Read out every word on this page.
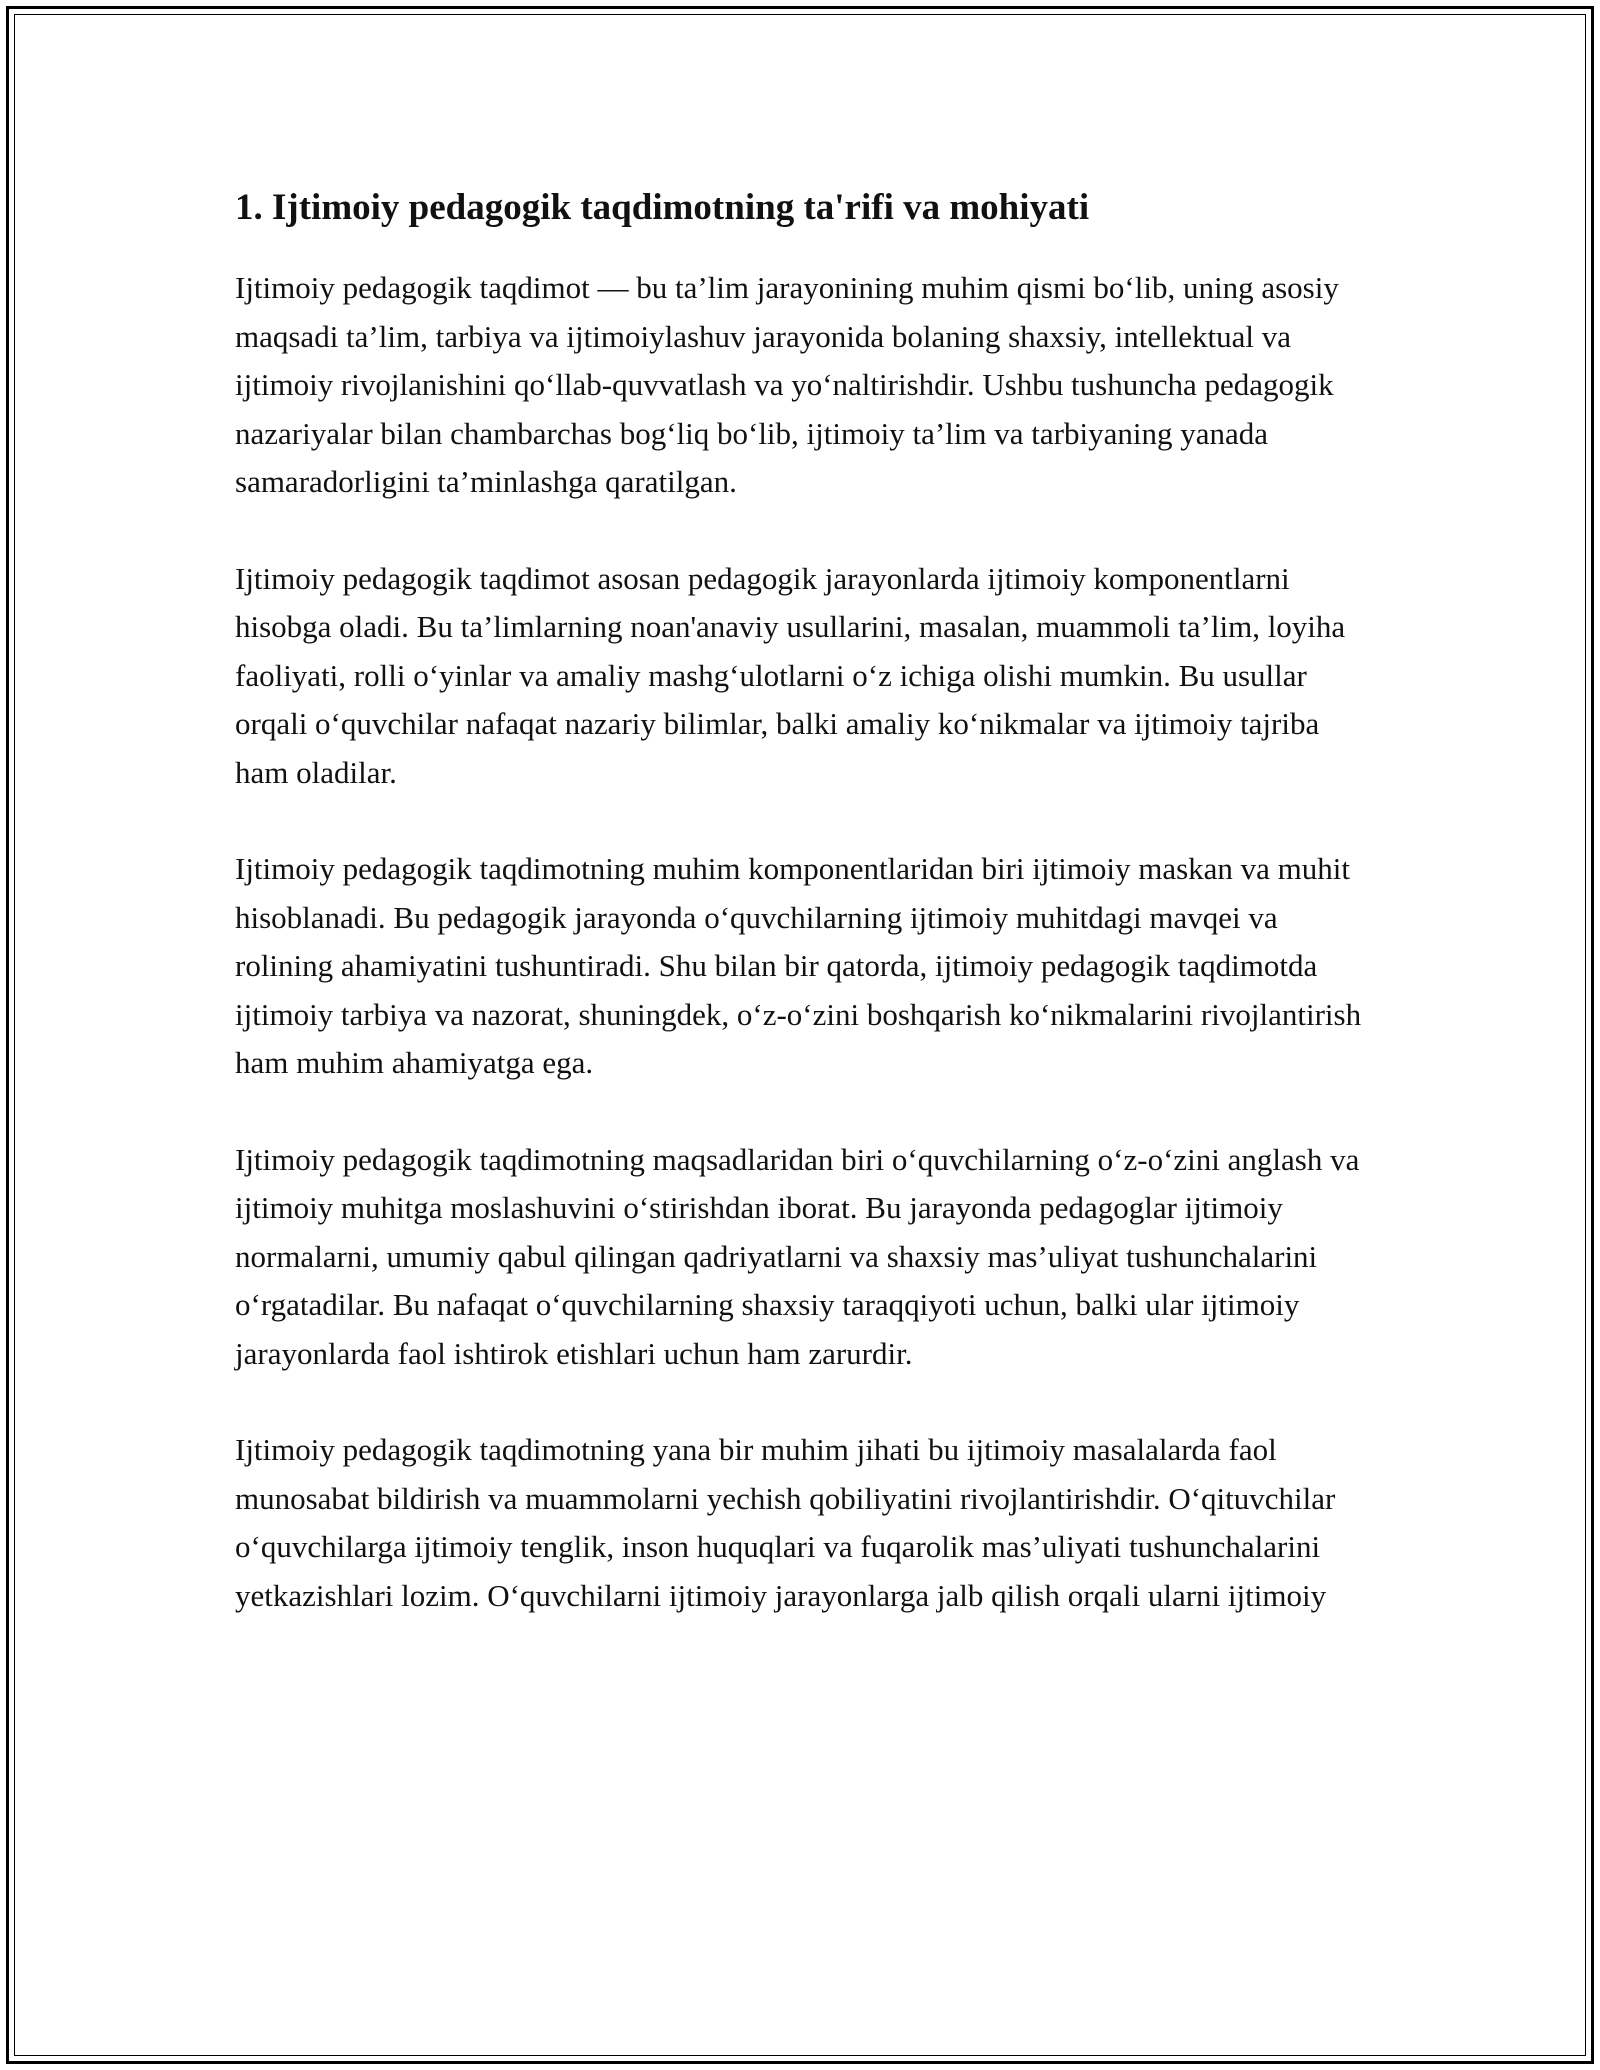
1. Ijtimoiy pedagogik taqdimotning ta'rifi va mohiyati

Ijtimoiy pedagogik taqdimot — bu ta’lim jarayonining muhim qismi bo‘lib, uning asosiy maqsadi ta’lim, tarbiya va ijtimoiylashuv jarayonida bolaning shaxsiy, intellektual va ijtimoiy rivojlanishini qo‘llab-quvvatlash va yo‘naltirishdir. Ushbu tushuncha pedagogik nazariyalar bilan chambarchas bog‘liq bo‘lib, ijtimoiy ta’lim va tarbiyaning yanada samaradorligini ta’minlashga qaratilgan.

Ijtimoiy pedagogik taqdimot asosan pedagogik jarayonlarda ijtimoiy komponentlarni hisobga oladi. Bu ta’limlarning noan'anaviy usullarini, masalan, muammoli ta’lim, loyiha faoliyati, rolli o‘yinlar va amaliy mashg‘ulotlarni o‘z ichiga olishi mumkin. Bu usullar orqali o‘quvchilar nafaqat nazariy bilimlar, balki amaliy ko‘nikmalar va ijtimoiy tajriba ham oladilar.

Ijtimoiy pedagogik taqdimotning muhim komponentlaridan biri ijtimoiy maskan va muhit hisoblanadi. Bu pedagogik jarayonda o‘quvchilarning ijtimoiy muhitdagi mavqei va rolining ahamiyatini tushuntiradi. Shu bilan bir qatorda, ijtimoiy pedagogik taqdimotda ijtimoiy tarbiya va nazorat, shuningdek, o‘z-o‘zini boshqarish ko‘nikmalarini rivojlantirish ham muhim ahamiyatga ega.

Ijtimoiy pedagogik taqdimotning maqsadlaridan biri o‘quvchilarning o‘z-o‘zini anglash va ijtimoiy muhitga moslashuvini o‘stirishdan iborat. Bu jarayonda pedagoglar ijtimoiy normalarni, umumiy qabul qilingan qadriyatlarni va shaxsiy mas’uliyat tushunchalarini o‘rgatadilar. Bu nafaqat o‘quvchilarning shaxsiy taraqqiyoti uchun, balki ular ijtimoiy jarayonlarda faol ishtirok etishlari uchun ham zarurdir.

Ijtimoiy pedagogik taqdimotning yana bir muhim jihati bu ijtimoiy masalalarda faol munosabat bildirish va muammolarni yechish qobiliyatini rivojlantirishdir. O‘qituvchilar o‘quvchilarga ijtimoiy tenglik, inson huquqlari va fuqarolik mas’uliyati tushunchalarini yetkazishlari lozim. O‘quvchilarni ijtimoiy jarayonlarga jalb qilish orqali ularni ijtimoiy
